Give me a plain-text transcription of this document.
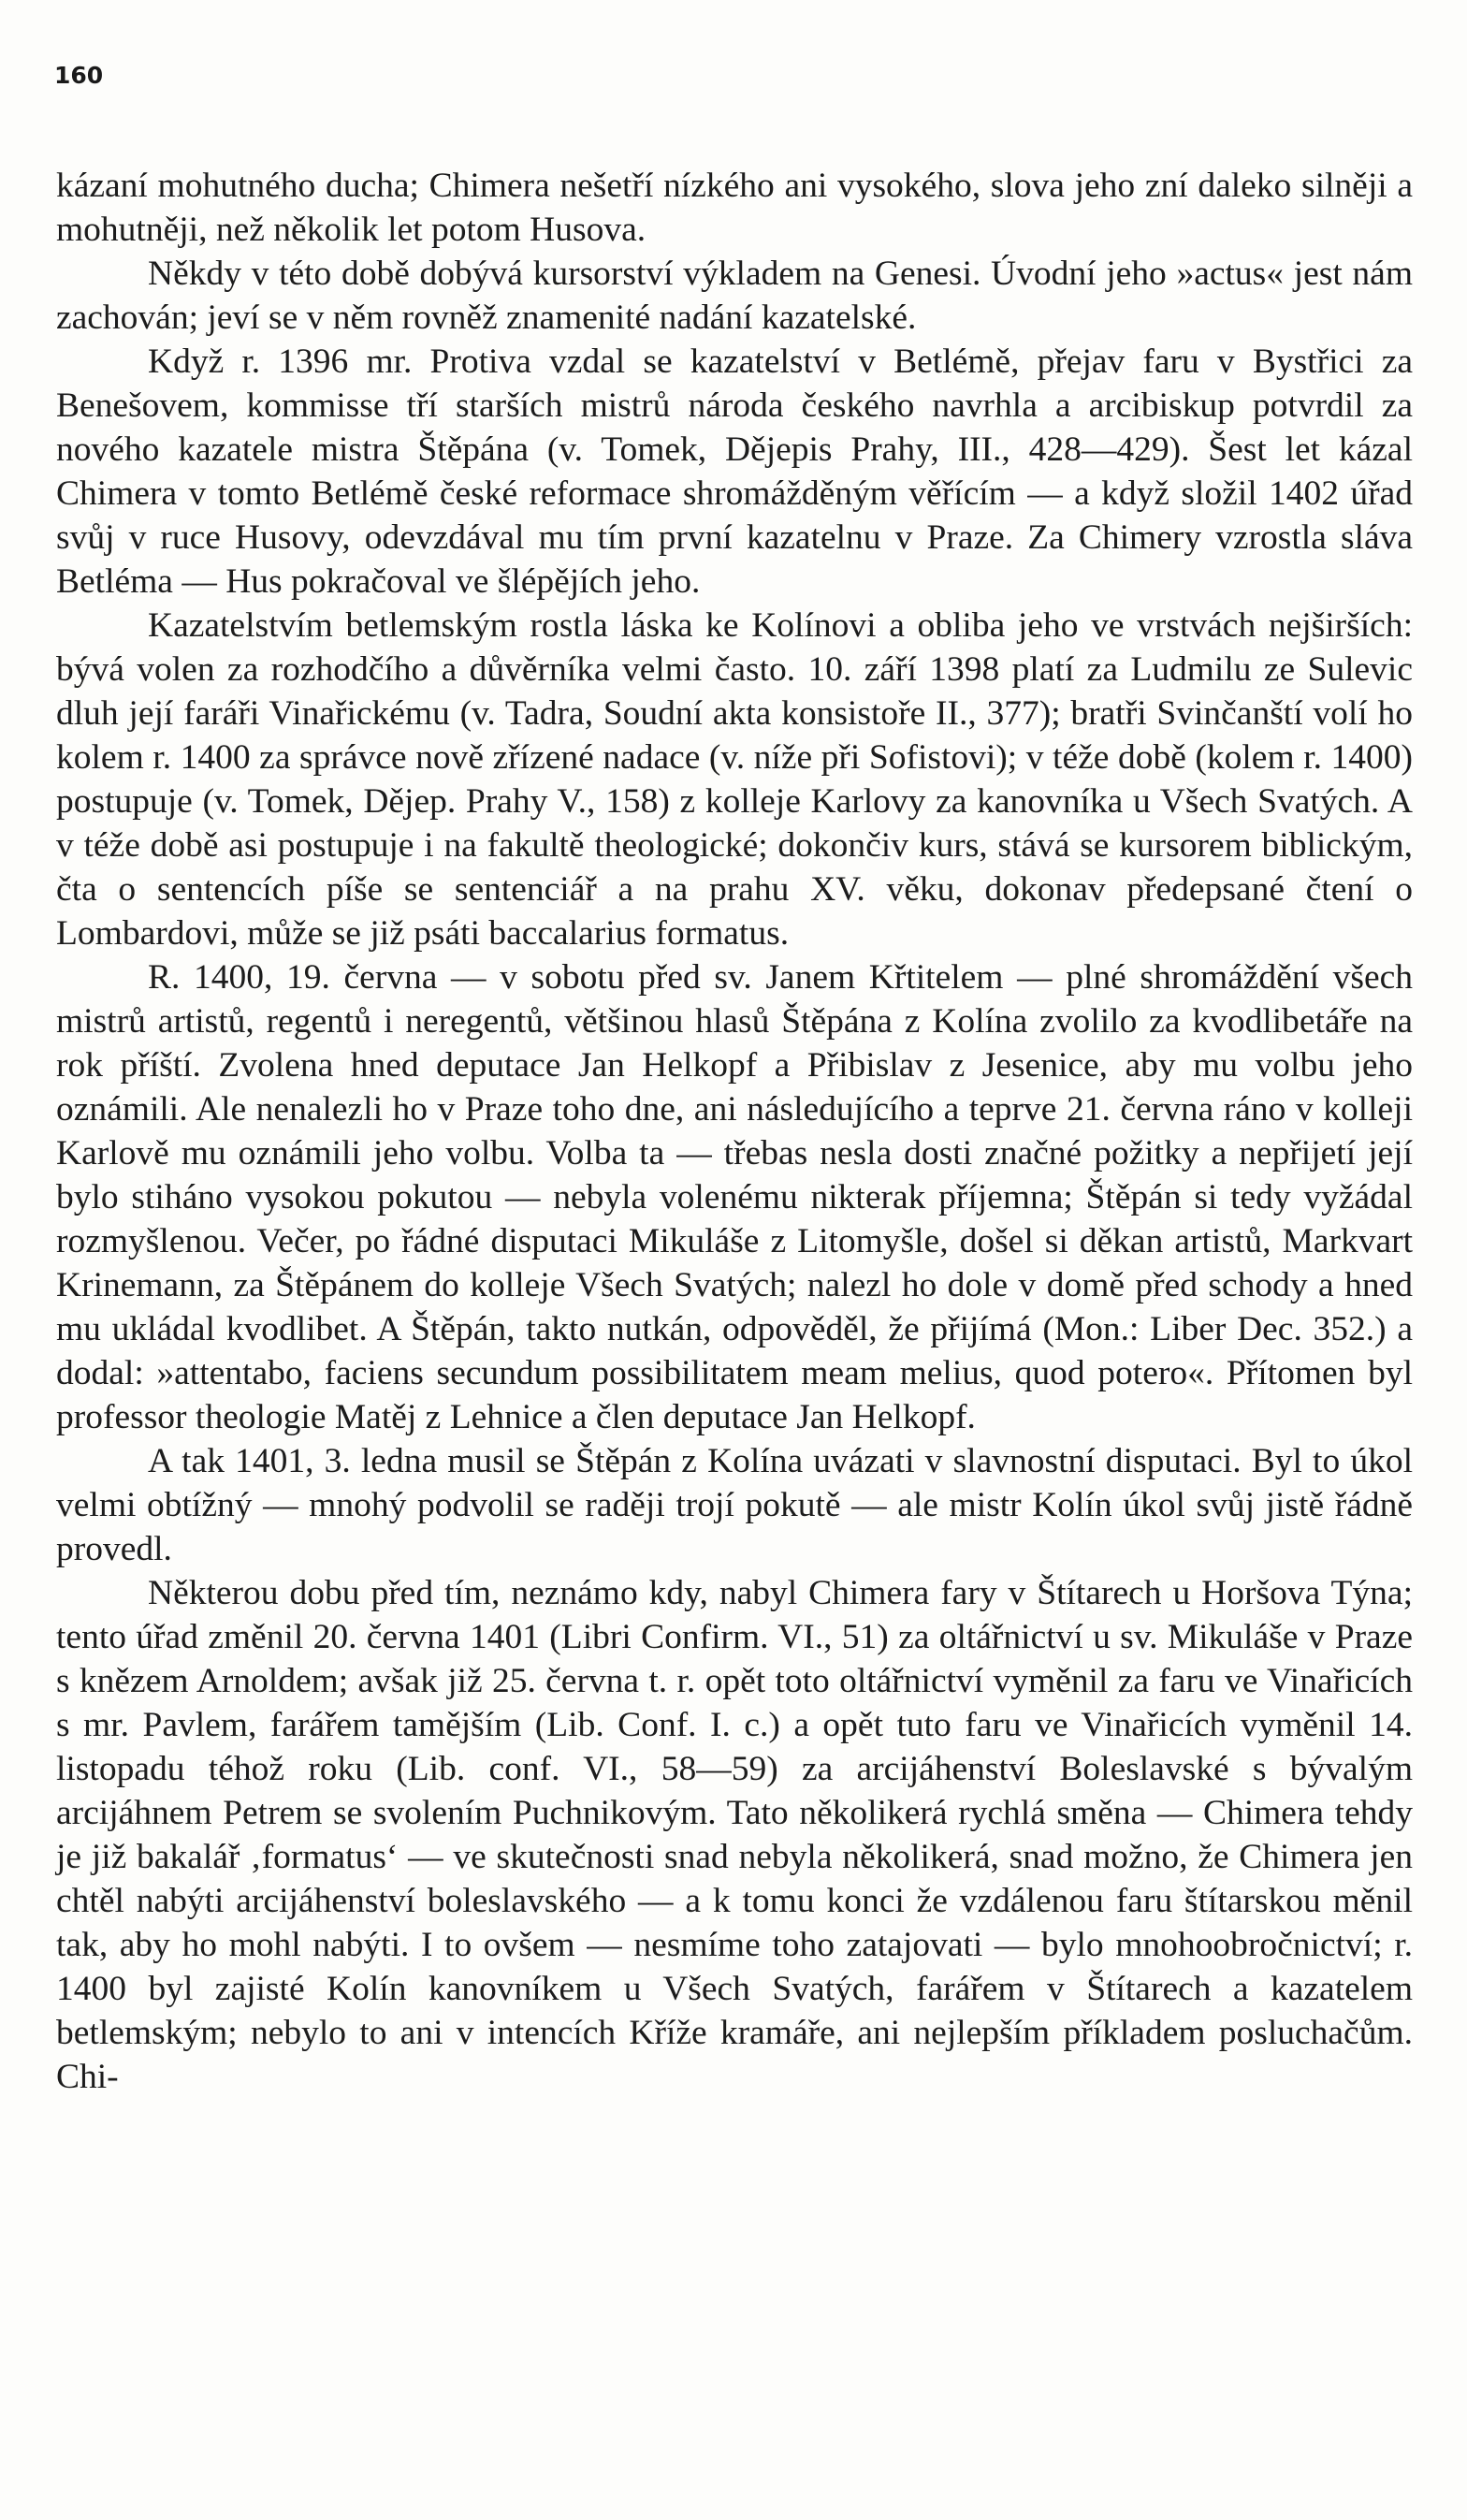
160

kázaní mohutného ducha; Chimera nešetří nízkého ani vysokého, slova jeho zní daleko silněji a mohutněji, než několik let potom Husova.

Někdy v této době dobývá kursorství výkladem na Genesi. Úvodní jeho »actus« jest nám zachován; jeví se v něm rovněž znamenité nadání kazatelské.

Když r. 1396 mr. Protiva vzdal se kazatelství v Betlémě, přejav faru v Bystřici za Benešovem, kommisse tří starších mistrů národa českého navrhla a arcibiskup potvrdil za nového kazatele mistra Štěpána (v. Tomek, Dějepis Prahy, III., 428—429). Šest let kázal Chimera v tomto Betlémě české reformace shromážděným věřícím — a když složil 1402 úřad svůj v ruce Husovy, odevzdával mu tím první kazatelnu v Praze. Za Chimery vzrostla sláva Betléma — Hus pokračoval ve šlépějích jeho.

Kazatelstvím betlemským rostla láska ke Kolínovi a obliba jeho ve vrstvách nejširších: bývá volen za rozhodčího a důvěrníka velmi často. 10. září 1398 platí za Ludmilu ze Sulevic dluh její faráři Vinařickému (v. Tadra, Soudní akta konsistoře II., 377); bratři Svinčanští volí ho kolem r. 1400 za správce nově zřízené nadace (v. níže při Sofistovi); v téže době (kolem r. 1400) postupuje (v. Tomek, Dějep. Prahy V., 158) z kolleje Karlovy za kanovníka u Všech Svatých. A v téže době asi postupuje i na fakultě theologické; dokončiv kurs, stává se kursorem biblickým, čta o sentencích píše se sentenciář a na prahu XV. věku, dokonav předepsané čtení o Lombardovi, může se již psáti baccalarius formatus.

R. 1400, 19. června — v sobotu před sv. Janem Křtitelem — plné shromáždění všech mistrů artistů, regentů i neregentů, většinou hlasů Štěpána z Kolína zvolilo za kvodlibetáře na rok příští. Zvolena hned deputace Jan Helkopf a Přibislav z Jesenice, aby mu volbu jeho oznámili. Ale nenalezli ho v Praze toho dne, ani následujícího a teprve 21. června ráno v kolleji Karlově mu oznámili jeho volbu. Volba ta — třebas nesla dosti značné požitky a nepřijetí její bylo stiháno vysokou pokutou — nebyla volenému nikterak příjemna; Štěpán si tedy vyžádal rozmyšlenou. Večer, po řádné disputaci Mikuláše z Litomyšle, došel si děkan artistů, Markvart Krinemann, za Štěpánem do kolleje Všech Svatých; nalezl ho dole v domě před schody a hned mu ukládal kvodlibet. A Štěpán, takto nutkán, odpověděl, že přijímá (Mon.: Liber Dec. 352.) a dodal: »attentabo, faciens secundum possibilitatem meam melius, quod potero«. Přítomen byl professor theologie Matěj z Lehnice a člen deputace Jan Helkopf.

A tak 1401, 3. ledna musil se Štěpán z Kolína uvázati v slavnostní disputaci. Byl to úkol velmi obtížný — mnohý podvolil se raději trojí pokutě — ale mistr Kolín úkol svůj jistě řádně provedl.

Některou dobu před tím, neznámo kdy, nabyl Chimera fary v Štítarech u Horšova Týna; tento úřad změnil 20. června 1401 (Libri Confirm. VI., 51) za oltářnictví u sv. Mikuláše v Praze s knězem Arnoldem; avšak již 25. června t. r. opět toto oltářnictví vyměnil za faru ve Vinařicích s mr. Pavlem, farářem tamějším (Lib. Conf. I. c.) a opět tuto faru ve Vinařicích vyměnil 14. listopadu téhož roku (Lib. conf. VI., 58—59) za arcijáhenství Boleslavské s bývalým arcijáhnem Petrem se svolením Puchnikovým. Tato několikerá rychlá směna — Chimera tehdy je již bakalář ‚formatus‘ — ve skutečnosti snad nebyla několikerá, snad možno, že Chimera jen chtěl nabýti arcijáhenství boleslavského — a k tomu konci že vzdálenou faru štítarskou měnil tak, aby ho mohl nabýti. I to ovšem — nesmíme toho zatajovati — bylo mnohoobročnictví; r. 1400 byl zajisté Kolín kanovníkem u Všech Svatých, farářem v Štítarech a kazatelem betlemským; nebylo to ani v intencích Kříže kramáře, ani nejlepším příkladem posluchačům. Chi-
